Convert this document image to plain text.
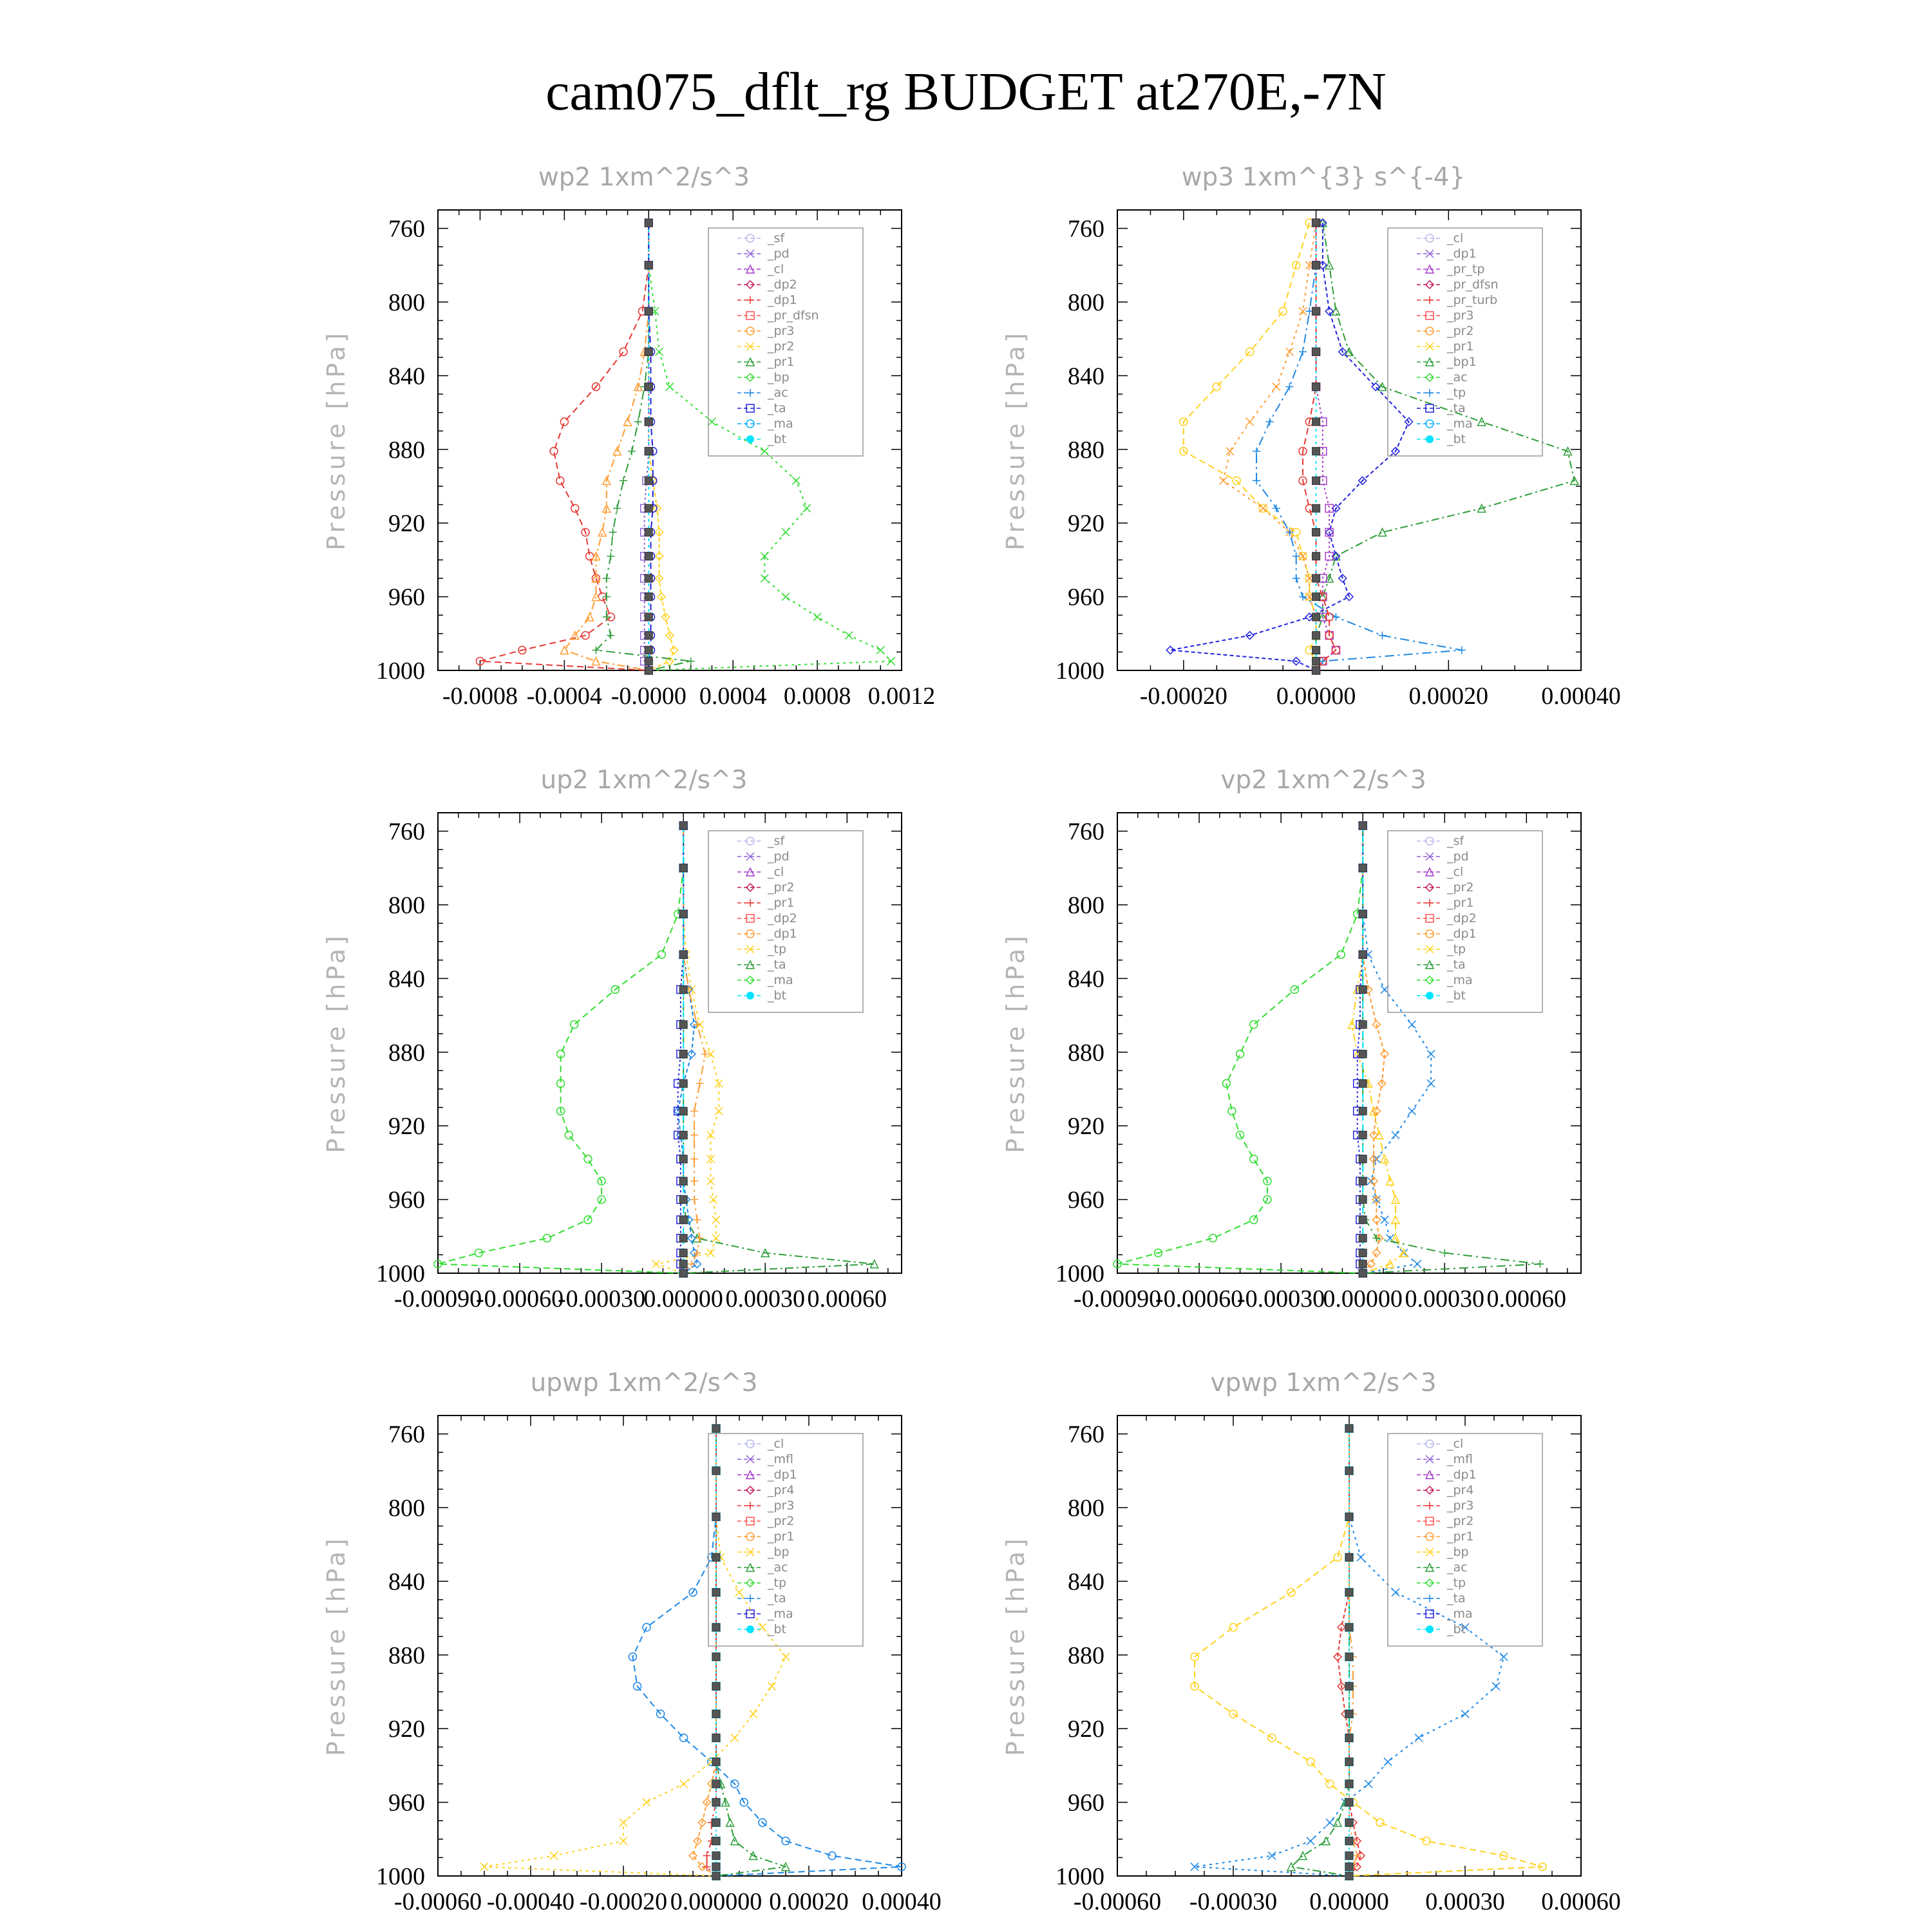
cam075_dflt_rg BUDGET at270E,-7N
wp2 1xm^2/s^3
Pressure [hPa]
760
800
840
880
920
960
1000
-0.0008 -0.0004 -0.0000 0.0004 0.0008 0.0012
_sf
_pd
_cl
_dp2
_dp1
_pr_dfsn
_pr3
_pr2
_pr1
_bp
_ac
_ta
_ma
_bt
wp3 1xm^{3} s^{-4}
Pressure [hPa]
760
800
840
880
920
960
1000
-0.00020 0.00000 0.00020 0.00040
_cl
_dp1
_pr_tp
_pr_dfsn
_pr_turb
_pr3
_pr2
_pr1
_bp1
_ac
_tp
_ta
_ma
_bt
up2 1xm^2/s^3
Pressure [hPa]
760
800
840
880
920
960
1000
-0.00090
-0.00060
-0.00030
0.00000 0.00030 0.00060
_sf
_pd
_cl
_pr2
_pr1
_dp2
_dp1
_tp
_ta
_ma
_bt
vp2 1xm^2/s^3
Pressure [hPa]
760
800
840
880
920
960
1000
-0.00090
-0.00060
-0.00030
0.00000 0.00030 0.00060
_sf
_pd
_cl
_pr2
_pr1
_dp2
_dp1
_tp
_ta
_ma
_bt
upwp 1xm^2/s^3
Pressure [hPa]
760
800
840
880
920
960
1000
-0.00060 -0.00040 -0.00020 0.000000 0.00020 0.00040
_cl
_mfl
_dp1
_pr4
_pr3
_pr2
_pr1
_bp
_ac
_tp
_ta
_ma
_bt
vpwp 1xm^2/s^3
Pressure [hPa]
760
800
840
880
920
960
1000
-0.00060 -0.00030 0.00000 0.00030 0.00060
_cl
_mfl
_dp1
_pr4
_pr3
_pr2
_pr1
_bp
_ac
_tp
_ta
_ma
_bt
